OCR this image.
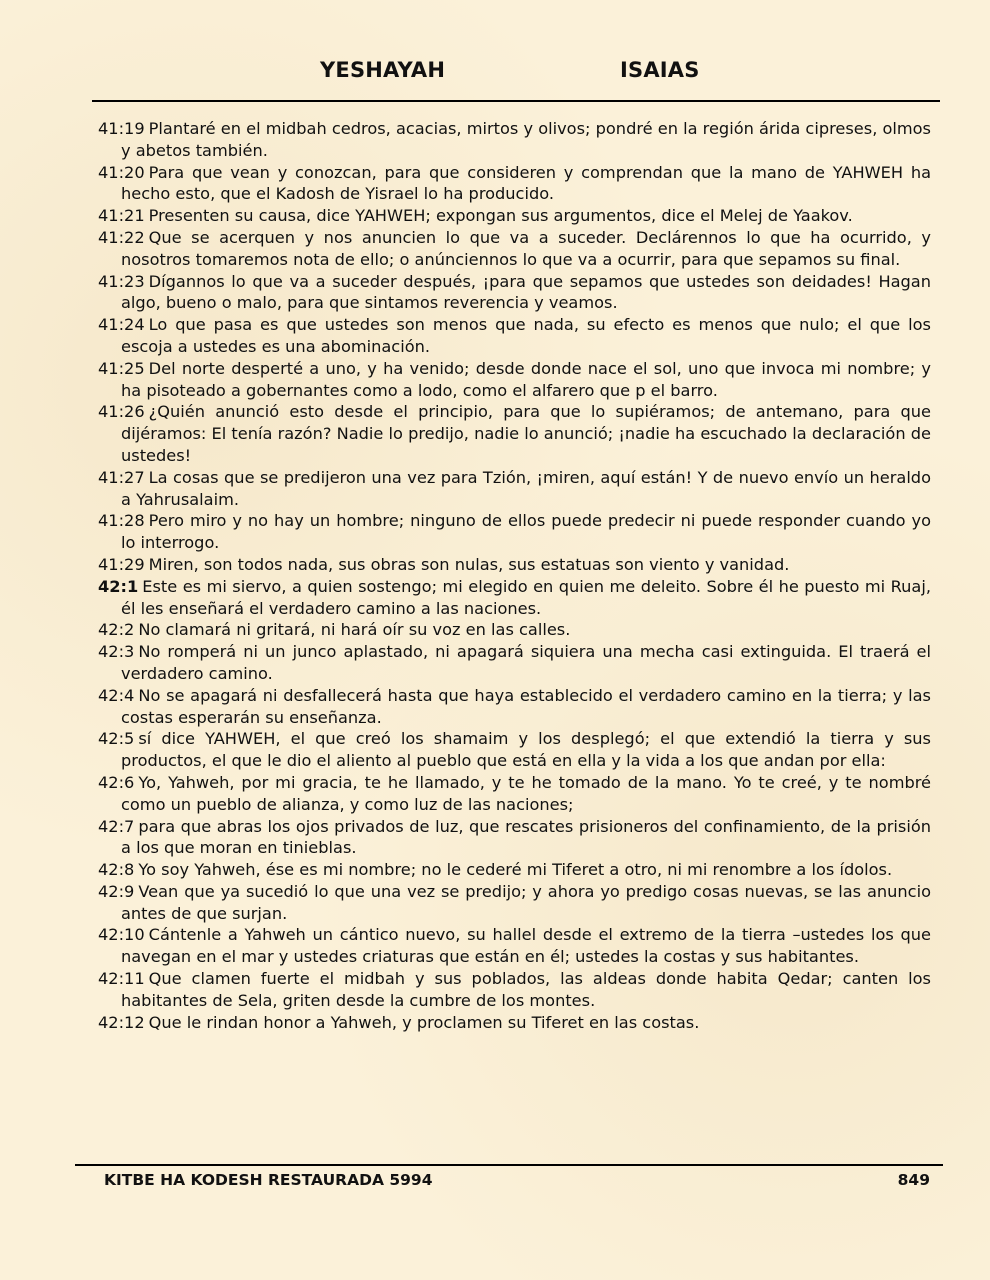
YESHAYAH	ISAIAS

41:19 Plantaré en el midbah cedros, acacias, mirtos y olivos; pondré en la región árida cipreses, olmos y abetos también.

41:20 Para que vean y conozcan, para que consideren y comprendan que la mano de YAHWEH ha hecho esto, que el Kadosh de Yisrael lo ha producido.

41:21 Presenten su causa, dice YAHWEH; expongan sus argumentos, dice el Melej de Yaakov.

41:22 Que se acerquen y nos anuncien lo que va a suceder. Declárennos lo que ha ocurrido, y nosotros tomaremos nota de ello; o anúnciennos lo que va a ocurrir, para que sepamos su final.

41:23 Dígannos lo que va a suceder después, ¡para que sepamos que ustedes son deidades! Hagan algo, bueno o malo, para que sintamos reverencia y veamos.

41:24 Lo que pasa es que ustedes son menos que nada, su efecto es menos que nulo; el que los escoja a ustedes es una abominación.

41:25 Del norte desperté a uno, y ha venido; desde donde nace el sol, uno que invoca mi nombre; y ha pisoteado a gobernantes como a lodo, como el alfarero que p el barro.

41:26 ¿Quién anunció esto desde el principio, para que lo supiéramos; de antemano, para que dijéramos: El tenía razón? Nadie lo predijo, nadie lo anunció; ¡nadie ha escuchado la declaración de ustedes!

41:27 La cosas que se predijeron una vez para Tzión, ¡miren, aquí están! Y de nuevo envío un heraldo a Yahrusalaim.

41:28 Pero miro y no hay un hombre; ninguno de ellos puede predecir ni puede responder cuando yo lo interrogo.

41:29 Miren, son todos nada, sus obras son nulas, sus estatuas son viento y vanidad.

42:1 Este es mi siervo, a quien sostengo; mi elegido en quien me deleito. Sobre él he puesto mi Ruaj, él les enseñará el verdadero camino a las naciones.

42:2 No clamará ni gritará, ni hará oír su voz en las calles.

42:3 No romperá ni un junco aplastado, ni apagará siquiera una mecha casi extinguida. El traerá el verdadero camino.

42:4 No se apagará ni desfallecerá hasta que haya establecido el verdadero camino en la tierra; y las costas esperarán su enseñanza.

42:5 sí dice YAHWEH, el que creó los shamaim y los desplegó; el que extendió la tierra y sus productos, el que le dio el aliento al pueblo que está en ella y la vida a los que andan por ella:

42:6 Yo, Yahweh, por mi gracia, te he llamado, y te he tomado de la mano. Yo te creé, y te nombré como un pueblo de alianza, y como luz de las naciones;

42:7 para que abras los ojos privados de luz, que rescates prisioneros del confinamiento, de la prisión a los que moran en tinieblas.

42:8 Yo soy Yahweh, ése es mi nombre; no le cederé mi Tiferet a otro, ni mi renombre a los ídolos.

42:9 Vean que ya sucedió lo que una vez se predijo; y ahora yo predigo cosas nuevas, se las anuncio antes de que surjan.

42:10 Cántenle a Yahweh un cántico nuevo, su hallel desde el extremo de la tierra –ustedes los que navegan en el mar y ustedes criaturas que están en él; ustedes la costas y sus habitantes.

42:11 Que clamen fuerte el midbah y sus poblados, las aldeas donde habita Qedar; canten los habitantes de Sela, griten desde la cumbre de los montes.

42:12 Que le rindan honor a Yahweh, y proclamen su Tiferet en las costas.

KITBE HA KODESH RESTAURADA 5994	849
